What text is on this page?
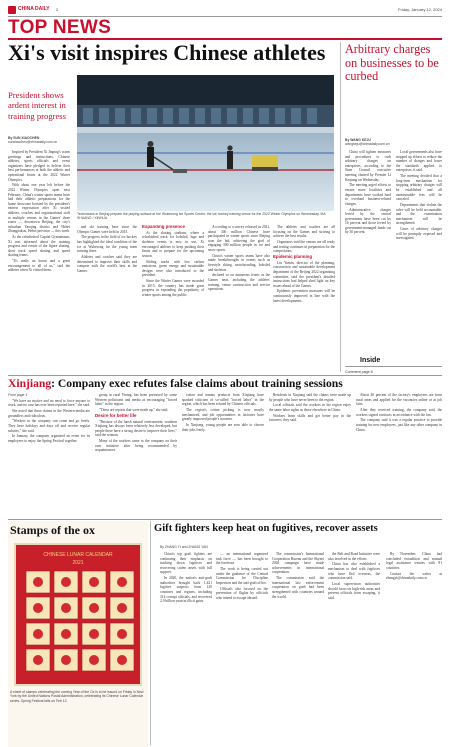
CHINA DAILY 2	Friday, January 12, 2024
TOP NEWS
Xi's visit inspires Chinese athletes
President shows ardent interest in training progress
By SUN XIAOCHEN
sunxiaochen@chinadaily.com.cn

Inspired by President Xi Jinping's warm greetings and instructions, Chinese athletes, sports officials and event organizers have pledged to deliver their best performances at both the athletic and operational fronts at the 2022 Winter Olympics.

With about one year left before the 2022 Winter Olympics open next February, China's winter sports teams have had their athletic preparations for the home showcase boosted by the president's earnest expectation after Xi visited athletes, coaches and organizational staff at multiple venues in the Games' three zones — downtown Beijing, the city's suburban Yanqing district and Hebei Zhangjiakou, Hebei province — this week.

At the refurbished Capital Gymnasium, Xi was informed about the training progress and events of the figure skating, short track speed skating and speed skating teams.

"It's really an honor and a great encouragement to all of us," said the athletes when Xi visited them.

Technicians in Beijing prepare the playing surface at the Wukesong Ice Sports Center, the ice hockey training venue for the 2022 Winter Olympics on Wednesday. MA SHUANG / XINHUA

and ski training base since the Olympic Games were held in 2015.

The progress in the field of ice hockey has highlighted the ideal condition of the ice at Wukesong for the young team training there.

Athletes and coaches said they are determined to improve their skills and compete with the world's best at the Games.

Expanding presence

At the skating stadium, where a refurbished track for bobsled, luge and skeleton events is now in use, Xi encouraged athletes to keep pushing their limits and to prepare for the upcoming season.

Sliding tracks with low carbon emissions, green energy and sustainable designs were also introduced to the president.

Since the Winter Games were awarded in 2015, the country has made great progress in expanding the popularity of winter sports among the public.

According to a survey released in 2021, about 346 million Chinese have participated in winter sports since Beijing won the bid, achieving the goal of engaging 300 million people in ice and snow sports.

China's winter sports teams have also made breakthroughs in events such as freestyle skiing, snowboarding, bobsled and skeleton.

declared so on numerous fronts as the Games near, including the athletes' training, venue construction and service operations.

The athletes and coaches are all focusing on the Games and striving to achieve the best results.

Organizers said the venues are all ready and testing continues in preparation for the competitions.

Epidemic planning

Liu Yumin, director of the planning, construction and sustainable development department of the Beijing 2022 organizing committee, said the president's detailed instructions had helped shed light on key issues ahead of the Games.

Epidemic prevention measures will be continuously improved in line with the latest developments.

Arbitrary charges on businesses to be curbed
By WANG KEJU
wangkeju@chinadaily.com.cn

China will tighten measures and procedures to curb arbitrary charges on enterprises, according to the State Council executive meeting chaired by Premier Li Keqiang on Wednesday.

The meeting urged efforts to ensure more localities and departments have worked hard to overhaul business-related charges.

Administrative charges levied by the central government have been cut by 16 percent and those levied by government-managed funds cut by 30 percent.

Local governments also have stepped up efforts to reduce the number of charges and lower the standards applied to enterprises, it said.

The meeting decided that a long-term mechanism for stopping arbitrary charges will be established and all unreasonable fees will be canceled.

Departments that violate the rules will be held accountable, and the examination mechanism will be strengthened.

Cases of arbitrary charges will be promptly exposed and investigated.

Inside
Comment page 8
Xinjiang: Company exec refutes false claims about training sessions
From page 1

"We have no motive and no need to force anyone to work, and no case has ever been reported here," she said.

She noted that these claims in the Western media are groundless and ridiculous.

"Workers in the company can come and go freely. They have holidays and days off and receive regular salaries," she said.

In January, the company organized an event for its employees to enjoy the Spring Festival together.

group in rural Yining, has been portrayed by some Western politicians and media as encouraging "forced labor" in the region.

"These are reports that were made up," she said.

Desire for better life

"Because of the harsh natural environment, southern Xinjiang has always been relatively less developed, but people there have a strong desire to improve their lives," said the woman.

Many of the workers came to the company on their own initiative after being recommended by acquaintances.

cotton and tomato products from Xinjiang have sparked criticism of so-called "forced labor" in the region, which has been refuted by Chinese officials.

The region's cotton picking is now mostly mechanized, and job opportunities in factories have greatly improved people's incomes.

In Xinjiang, young people are now able to choose their jobs freely.

Residents in Xinjiang said the claims were made up by people who have never been to the region.

Local officials said the workers in the region enjoy the same labor rights as those elsewhere in China.

Workers learn skills and get better pay in the factories, they said.

About 40 percent of the factory's employees are from rural areas and applied for the vacancies online or at job fairs.

After they received training, the company said, the workers signed contracts in accordance with the law.

The company said it was a regular practice to provide training for new employees, just like any other company in China.

Stamps of the ox
CHINESE LUNAR CALENDAR
2021
A sheet of stamps celebrating the coming Year of the Ox is to be issued on Friday in New York by the United Nations Postal Administration, celebrating its Chinese Lunar Calendar series. Spring Festival falls on Feb 12.
Gift fighters keep heat on fugitives, recover assets
By ZHANG YI and ZHANG YAN

China's top graft fighters are continuing their emphasis on tracking down fugitives and recovering stolen assets with full support.

In 2020, the nation's anti-graft authorities brought back 1,421 fugitive suspects from 120 countries and regions, including 314 corrupt officials, and recovered 2.9 billion yuan in illicit gains.

— an international organized task force — has been brought to the forefront.

The work is being carried out under the guidance of the Central Commission for Discipline Inspection and the anti-graft office.

Officials also focused on the prevention of flights by officials who intend to escape abroad.

The commission's International Cooperation Bureau and the Skynet 2020 campaign have made achievements in international cooperation.

The commission said the international law enforcement cooperation on graft had been strengthened with countries around the world.

the Belt and Road Initiative were also involved in the efforts.

China has also established a mechanism to deal with fugitives who have fled overseas, the commission said.

Local supervision authorities should focus on high-risk areas and prevent officials from escaping, it said.

By November, China had concluded extradition and mutual legal assistance treaties with 81 countries.

Contact the writer at zhangyi@chinadaily.com.cn
